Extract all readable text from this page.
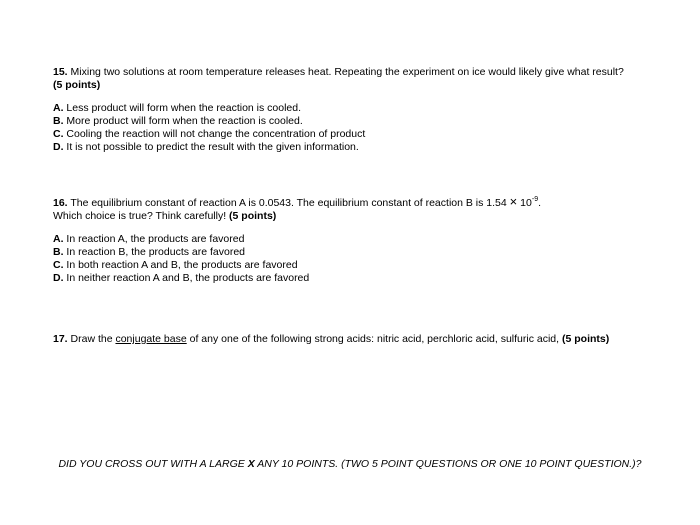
15. Mixing two solutions at room temperature releases heat. Repeating the experiment on ice would likely give what result?
(5 points)
A. Less product will form when the reaction is cooled.
B. More product will form when the reaction is cooled.
C. Cooling the reaction will not change the concentration of product
D. It is not possible to predict the result with the given information.
16. The equilibrium constant of reaction A is 0.0543. The equilibrium constant of reaction B is $1.54 \times 10^{-9}$.
Which choice is true? Think carefully! (5 points)
A. In reaction A, the products are favored
B. In reaction B, the products are favored
C. In both reaction A and B, the products are favored
D. In neither reaction A and B, the products are favored
17. Draw the conjugate base of any one of the following strong acids: nitric acid, perchloric acid, sulfuric acid, (5 points)
DID YOU CROSS OUT WITH A LARGE X ANY 10 POINTS. (TWO 5 POINT QUESTIONS OR ONE 10 POINT QUESTION.)?
